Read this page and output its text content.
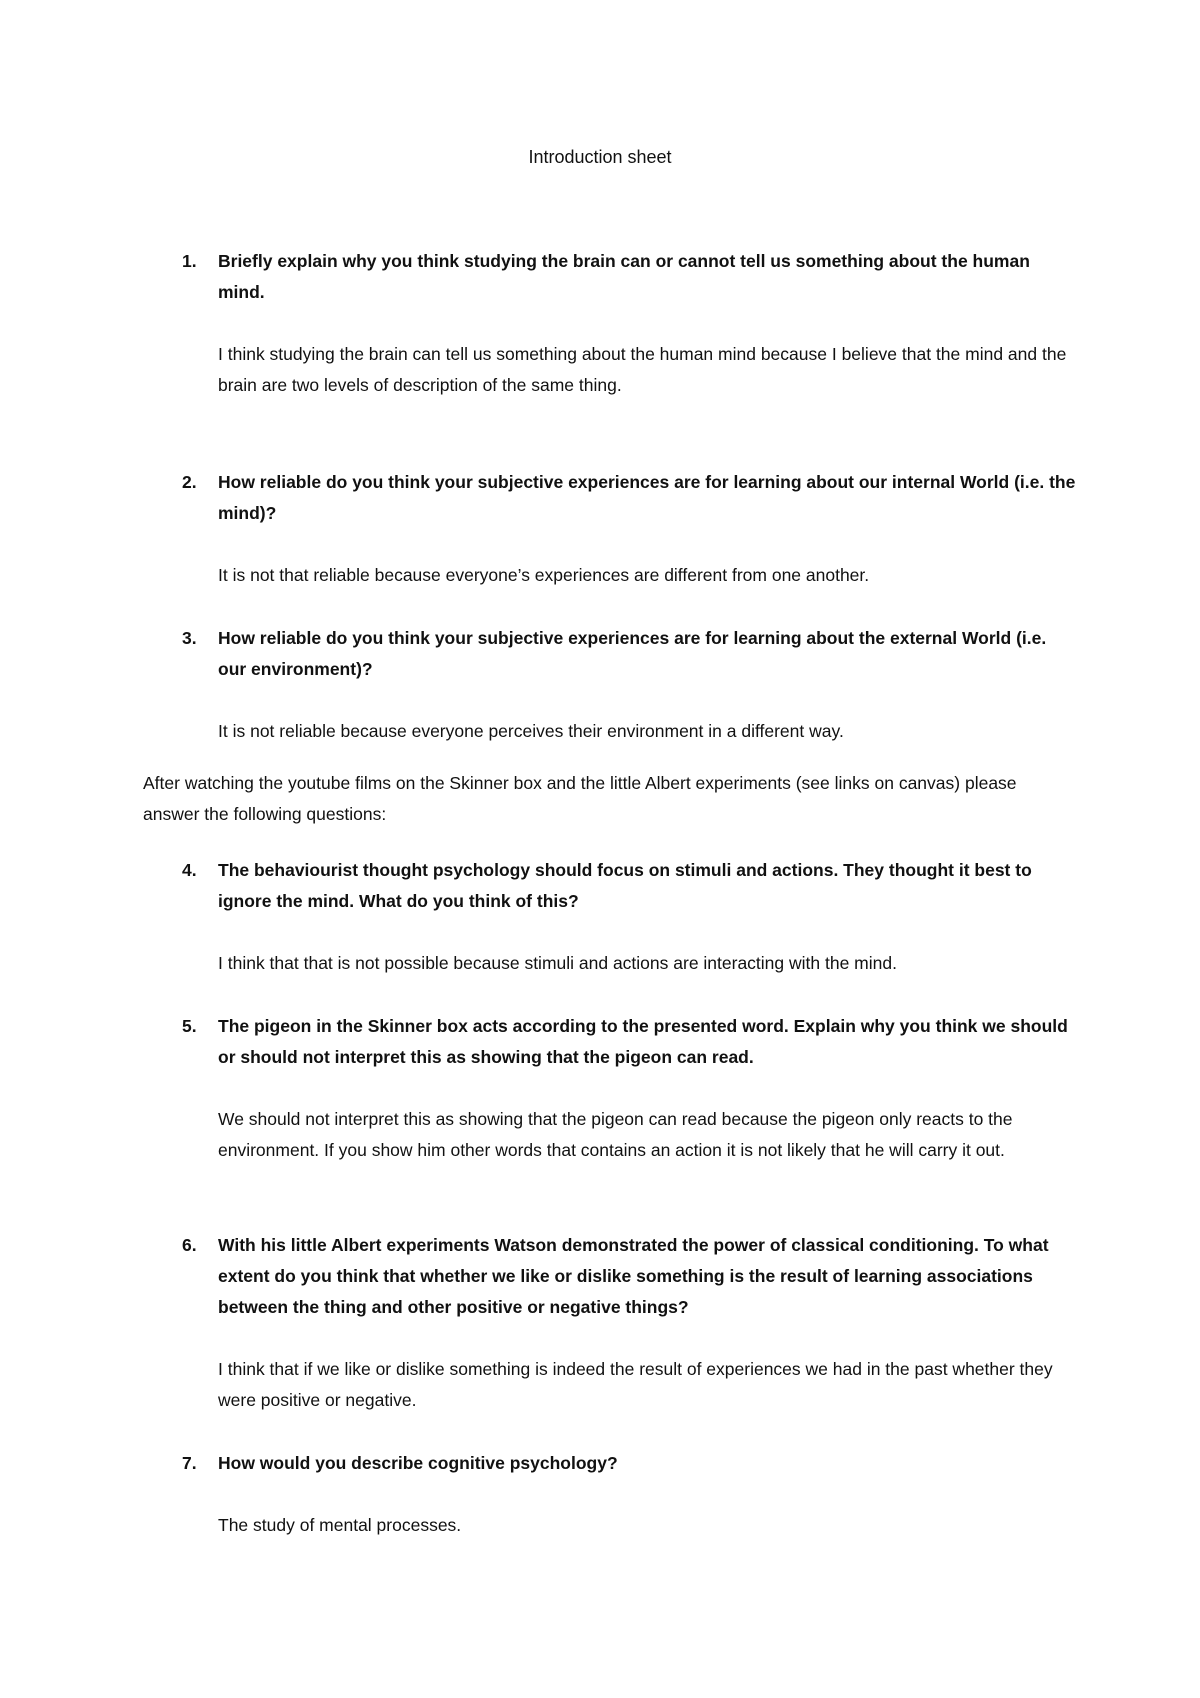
Introduction sheet
1. Briefly explain why you think studying the brain can or cannot tell us something about the human mind.
I think studying the brain can tell us something about the human mind because I believe that the mind and the brain are two levels of description of the same thing.
2. How reliable do you think your subjective experiences are for learning about our internal World (i.e. the mind)?
It is not that reliable because everyone’s experiences are different from one another.
3. How reliable do you think your subjective experiences are for learning about the external World (i.e. our environment)?
It is not reliable because everyone perceives their environment in a different way.
After watching the youtube films on the Skinner box and the little Albert experiments (see links on canvas) please answer the following questions:
4. The behaviourist thought psychology should focus on stimuli and actions. They thought it best to ignore the mind. What do you think of this?
I think that that is not possible because stimuli and actions are interacting with the mind.
5. The pigeon in the Skinner box acts according to the presented word. Explain why you think we should or should not interpret this as showing that the pigeon can read.
We should not interpret this as showing that the pigeon can read because the pigeon only reacts to the environment. If you show him other words that contains an action it is not likely that he will carry it out.
6. With his little Albert experiments Watson demonstrated the power of classical conditioning. To what extent do you think that whether we like or dislike something is the result of learning associations between the thing and other positive or negative things?
I think that if we like or dislike something is indeed the result of experiences we had in the past whether they were positive or negative.
7. How would you describe cognitive psychology?
The study of mental processes.
